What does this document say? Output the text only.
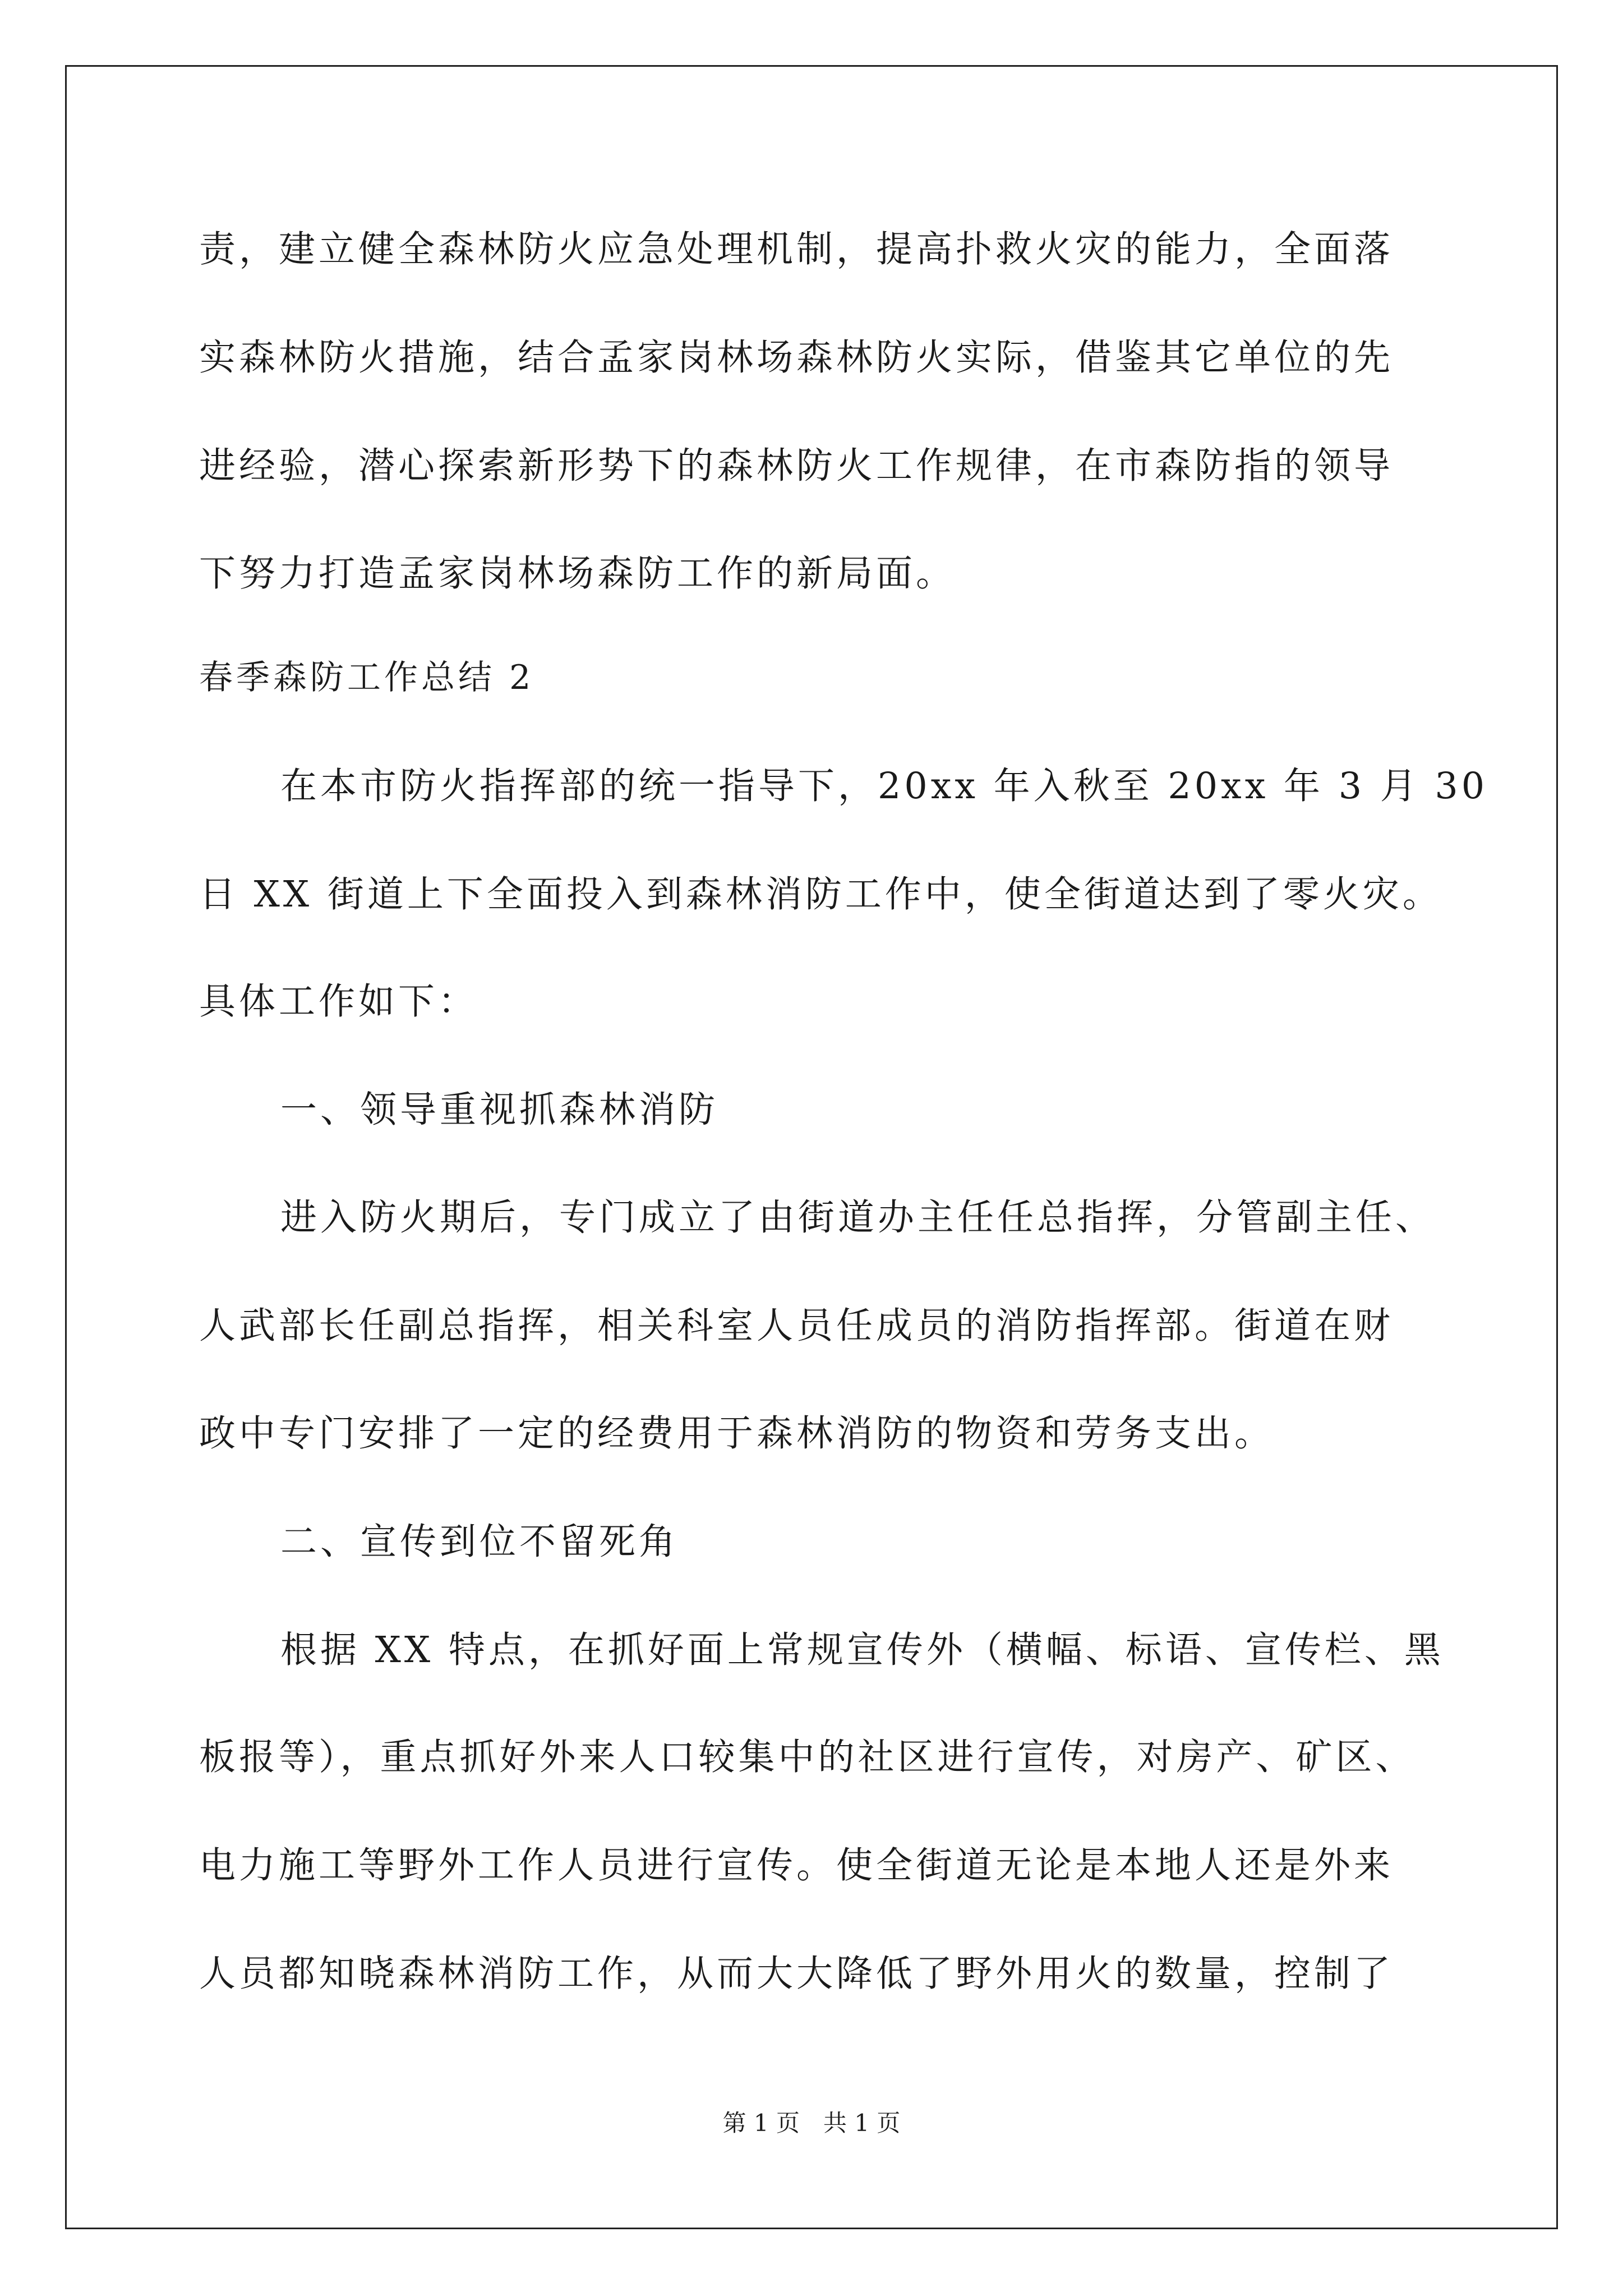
责，建立健全森林防火应急处理机制，提高扑救火灾的能力，全面落
实森林防火措施，结合孟家岗林场森林防火实际，借鉴其它单位的先
进经验，潜心探索新形势下的森林防火工作规律，在市森防指的领导
下努力打造孟家岗林场森防工作的新局面。
春季森防工作总结 2
在本市防火指挥部的统一指导下，20xx 年入秋至 20xx 年 3 月 30
日 XX 街道上下全面投入到森林消防工作中，使全街道达到了零火灾。
具体工作如下：
一、领导重视抓森林消防
进入防火期后，专门成立了由街道办主任任总指挥，分管副主任、
人武部长任副总指挥，相关科室人员任成员的消防指挥部。街道在财
政中专门安排了一定的经费用于森林消防的物资和劳务支出。
二、宣传到位不留死角
根据 XX 特点，在抓好面上常规宣传外（横幅、标语、宣传栏、黑
板报等），重点抓好外来人口较集中的社区进行宣传，对房产、矿区、
电力施工等野外工作人员进行宣传。使全街道无论是本地人还是外来
人员都知晓森林消防工作，从而大大降低了野外用火的数量，控制了
第 1 页　共 1 页
